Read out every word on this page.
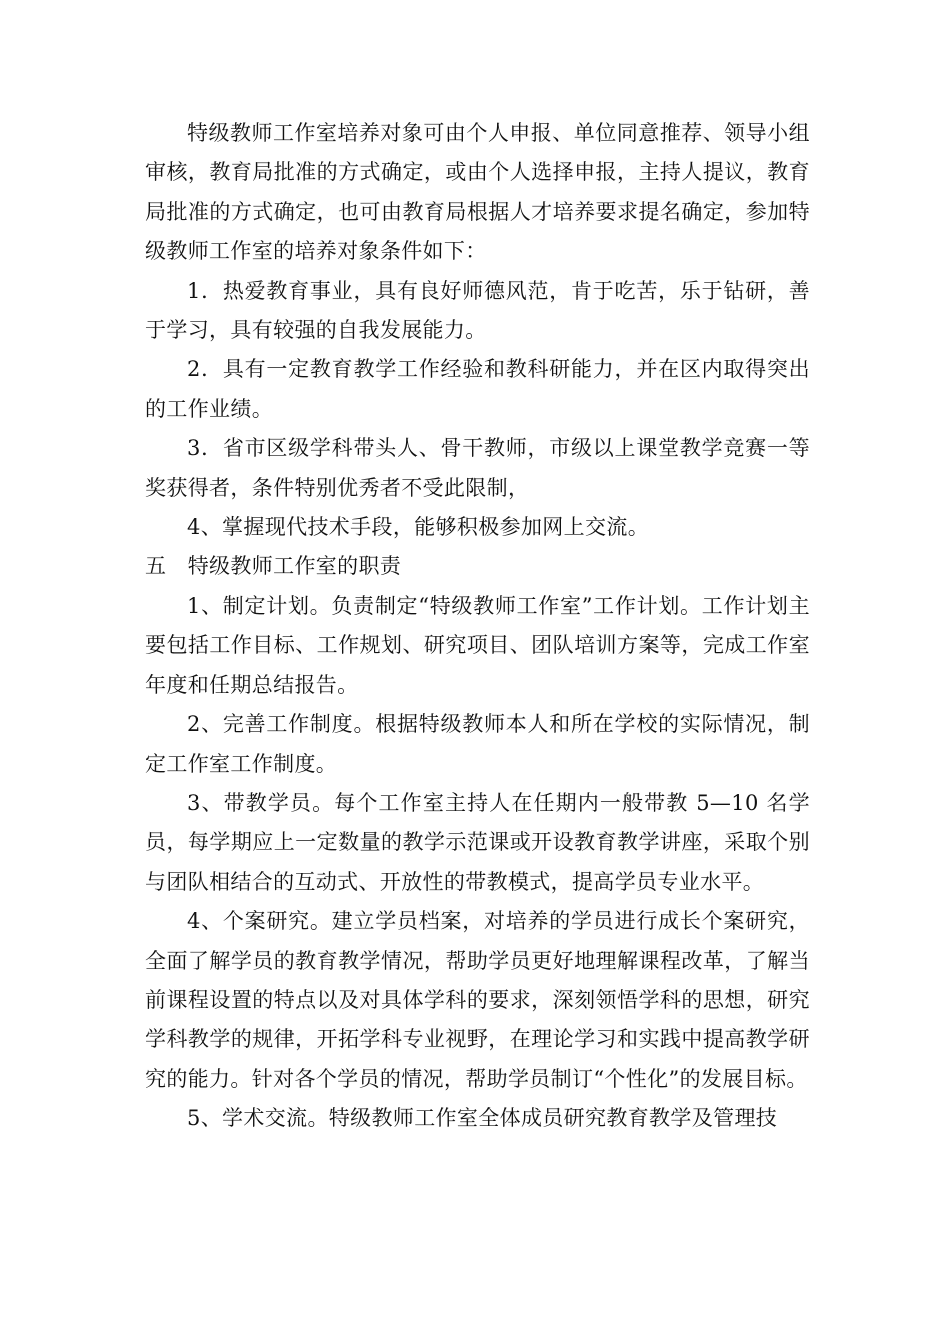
特级教师工作室培养对象可由个人申报、单位同意推荐、领导小组审核，教育局批准的方式确定，或由个人选择申报，主持人提议，教育局批准的方式确定，也可由教育局根据人才培养要求提名确定，参加特级教师工作室的培养对象条件如下：

1．热爱教育事业，具有良好师德风范，肯于吃苦，乐于钻研，善于学习，具有较强的自我发展能力。

2．具有一定教育教学工作经验和教科研能力，并在区内取得突出的工作业绩。

3．省市区级学科带头人、骨干教师，市级以上课堂教学竞赛一等奖获得者，条件特别优秀者不受此限制，

4、掌握现代技术手段，能够积极参加网上交流。

五　特级教师工作室的职责

1、制定计划。负责制定“特级教师工作室”工作计划。工作计划主要包括工作目标、工作规划、研究项目、团队培训方案等，完成工作室年度和任期总结报告。

2、完善工作制度。根据特级教师本人和所在学校的实际情况，制定工作室工作制度。

3、带教学员。每个工作室主持人在任期内一般带教 5—10 名学员，每学期应上一定数量的教学示范课或开设教育教学讲座，采取个别与团队相结合的互动式、开放性的带教模式，提高学员专业水平。

4、个案研究。建立学员档案，对培养的学员进行成长个案研究，全面了解学员的教育教学情况，帮助学员更好地理解课程改革，了解当前课程设置的特点以及对具体学科的要求，深刻领悟学科的思想，研究学科教学的规律，开拓学科专业视野，在理论学习和实践中提高教学研究的能力。针对各个学员的情况，帮助学员制订“个性化”的发展目标。

5、学术交流。特级教师工作室全体成员研究教育教学及管理技
